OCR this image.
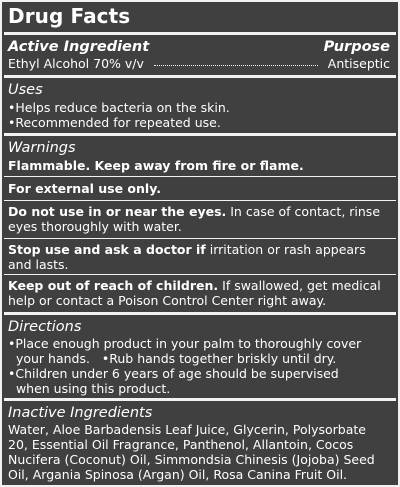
Drug Facts
Active Ingredient	Purpose
Ethyl Alcohol 70% v/v	Antiseptic
Uses
•Helps reduce bacteria on the skin.
•Recommended for repeated use.
Warnings
Flammable. Keep away from fire or flame.
For external use only.
Do not use in or near the eyes. In case of contact, rinse
eyes thoroughly with water.
Stop use and ask a doctor if irritation or rash appears
and lasts.
Keep out of reach of children. If swallowed, get medical
help or contact a Poison Control Center right away.
Directions
•Place enough product in your palm to thoroughly cover
your hands.   •Rub hands together briskly until dry.
•Children under 6 years of age should be supervised
when using this product.
Inactive Ingredients
Water, Aloe Barbadensis Leaf Juice, Glycerin, Polysorbate
20, Essential Oil Fragrance, Panthenol, Allantoin, Cocos
Nucifera (Coconut) Oil, Simmondsia Chinesis (Jojoba) Seed
Oil, Argania Spinosa (Argan) Oil, Rosa Canina Fruit Oil.
